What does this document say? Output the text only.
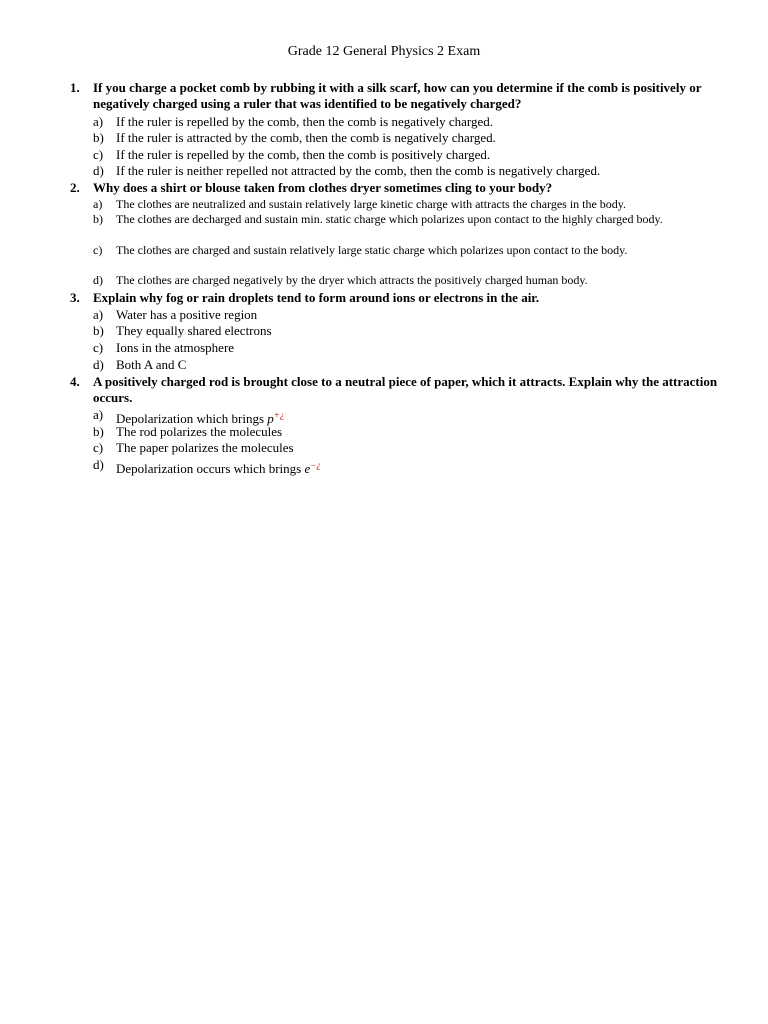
Grade 12 General Physics 2 Exam
1. If you charge a pocket comb by rubbing it with a silk scarf, how can you determine if the comb is positively or negatively charged using a ruler that was identified to be negatively charged?
a) If the ruler is repelled by the comb, then the comb is negatively charged.
b) If the ruler is attracted by the comb, then the comb is negatively charged.
c) If the ruler is repelled by the comb, then the comb is positively charged.
d) If the ruler is neither repelled not attracted by the comb, then the comb is negatively charged.
2. Why does a shirt or blouse taken from clothes dryer sometimes cling to your body?
a) The clothes are neutralized and sustain relatively large kinetic charge with attracts the charges in the body.
b) The clothes are decharged and sustain min. static charge which polarizes upon contact to the highly charged body.
c) The clothes are charged and sustain relatively large static charge which polarizes upon contact to the body.
d) The clothes are charged negatively by the dryer which attracts the positively charged human body.
3. Explain why fog or rain droplets tend to form around ions or electrons in the air.
a) Water has a positive region
b) They equally shared electrons
c) Ions in the atmosphere
d) Both A and C
4. A positively charged rod is brought close to a neutral piece of paper, which it attracts. Explain why the attraction occurs.
a) Depolarization which brings p+¿
b) The rod polarizes the molecules
c) The paper polarizes the molecules
d) Depolarization occurs which brings e−¿
